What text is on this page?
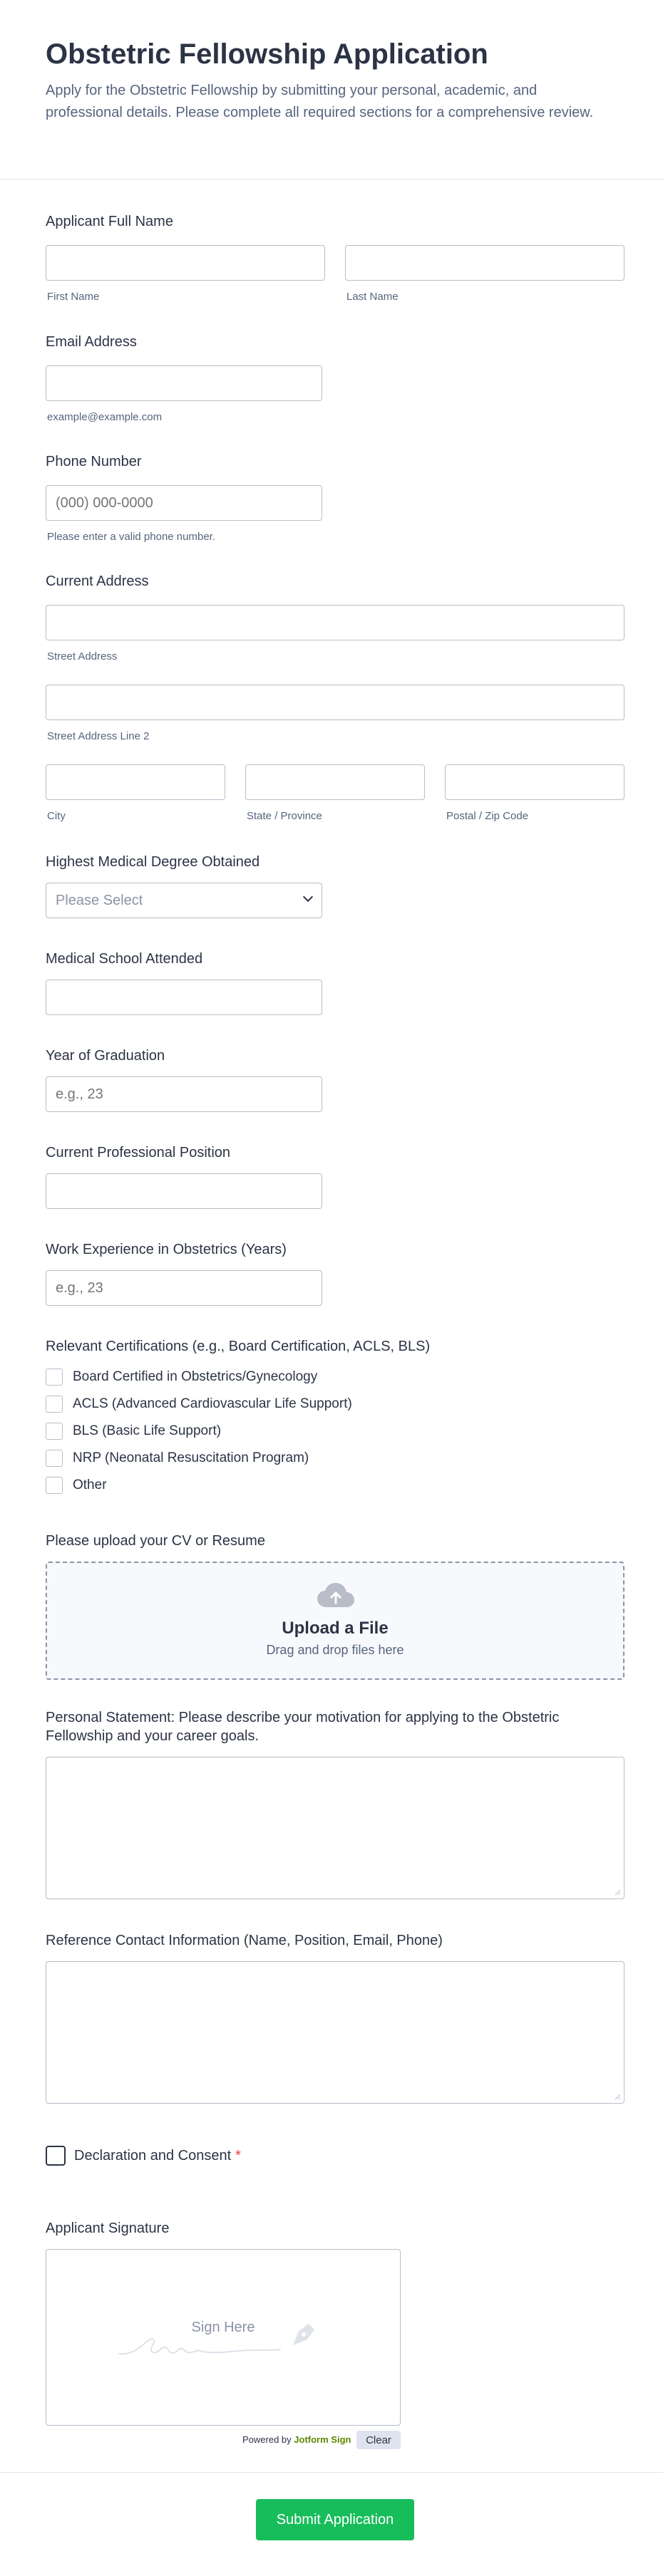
Obstetric Fellowship Application

Apply for the Obstetric Fellowship by submitting your personal, academic, and professional details. Please complete all required sections for a comprehensive review.

Applicant Full Name
First Name	Last Name
Email Address
example@example.com
Phone Number
(000) 000-0000
Please enter a valid phone number.
Current Address
Street Address
Street Address Line 2
City	State / Province	Postal / Zip Code
Highest Medical Degree Obtained
Please Select
Medical School Attended
Year of Graduation
e.g., 23
Current Professional Position
Work Experience in Obstetrics (Years)
e.g., 23
Relevant Certifications (e.g., Board Certification, ACLS, BLS)
Board Certified in Obstetrics/Gynecology
ACLS (Advanced Cardiovascular Life Support)
BLS (Basic Life Support)
NRP (Neonatal Resuscitation Program)
Other
Please upload your CV or Resume
Upload a File
Drag and drop files here
Personal Statement: Please describe your motivation for applying to the Obstetric Fellowship and your career goals.
Reference Contact Information (Name, Position, Email, Phone)
Declaration and Consent *
Applicant Signature
Sign Here
Powered by Jotform Sign	Clear
Submit Application
